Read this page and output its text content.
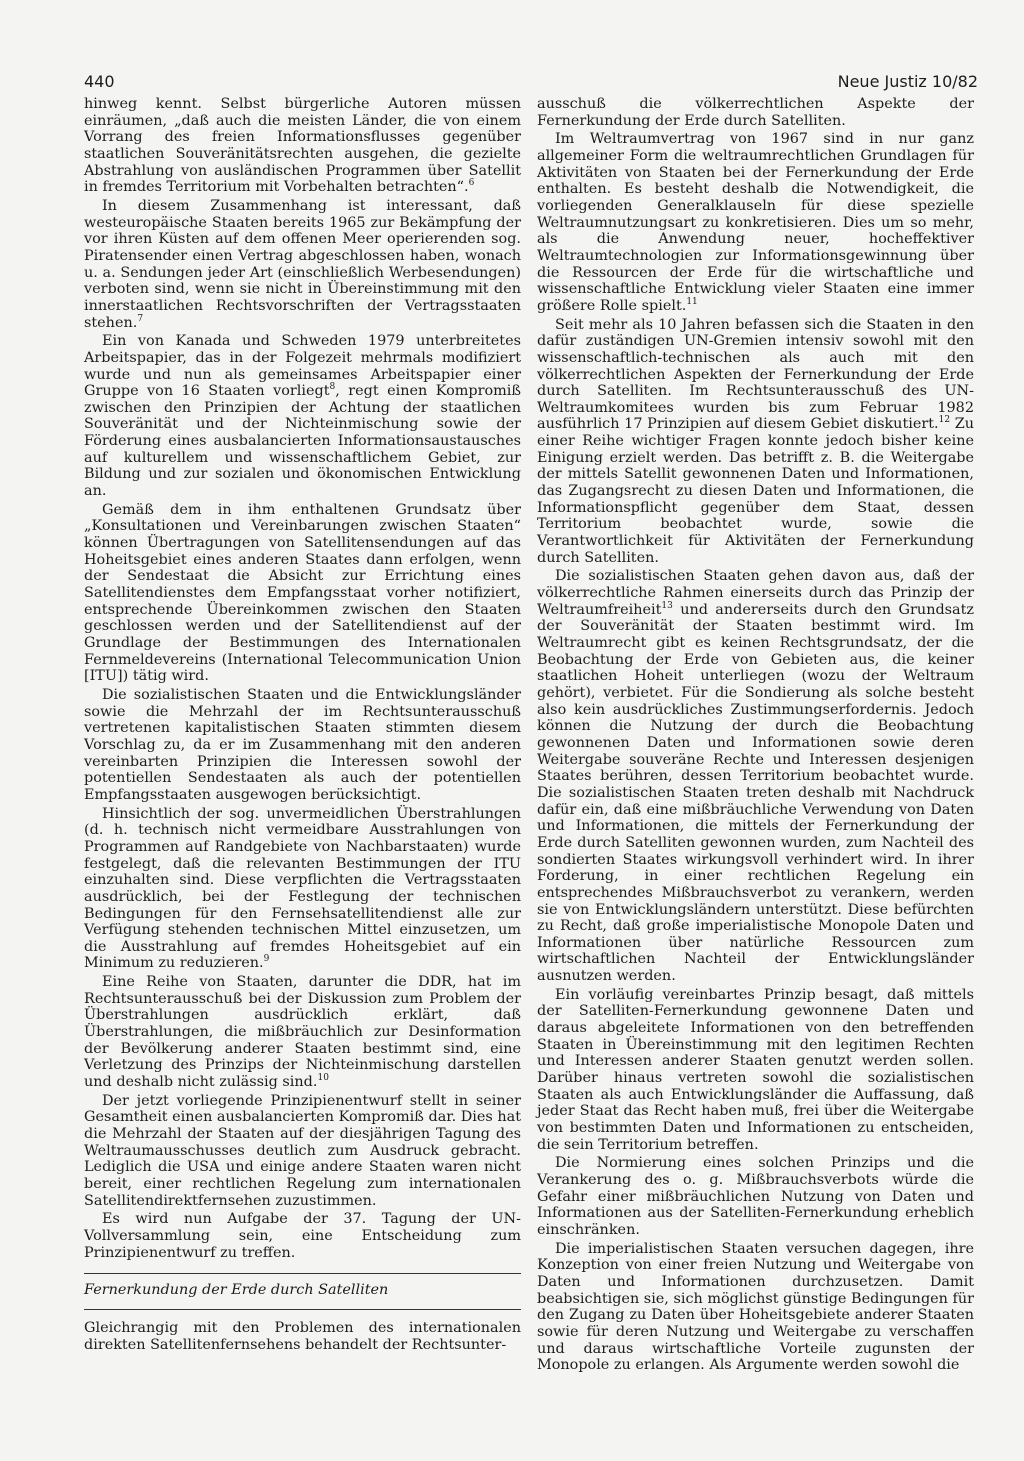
440	Neue Justiz 10/82

hinweg kennt. Selbst bürgerliche Autoren müssen einräumen, „daß auch die meisten Länder, die von einem Vorrang des freien Informationsflusses gegenüber staatlichen Souveränitätsrechten ausgehen, die gezielte Abstrahlung von ausländischen Programmen über Satellit in fremdes Territorium mit Vorbehalten betrachten“.$^6$

In diesem Zusammenhang ist interessant, daß westeuropäische Staaten bereits 1965 zur Bekämpfung der vor ihren Küsten auf dem offenen Meer operierenden sog. Piratensender einen Vertrag abgeschlossen haben, wonach u. a. Sendungen jeder Art (einschließlich Werbesendungen) verboten sind, wenn sie nicht in Übereinstimmung mit den innerstaatlichen Rechtsvorschriften der Vertragsstaaten stehen.$^7$

Ein von Kanada und Schweden 1979 unterbreitetes Arbeitspapier, das in der Folgezeit mehrmals modifiziert wurde und nun als gemeinsames Arbeitspapier einer Gruppe von 16 Staaten vorliegt$^8$, regt einen Kompromiß zwischen den Prinzipien der Achtung der staatlichen Souveränität und der Nichteinmischung sowie der Förderung eines ausbalancierten Informationsaustausches auf kulturellem und wissenschaftlichem Gebiet, zur Bildung und zur sozialen und ökonomischen Entwicklung an.

Gemäß dem in ihm enthaltenen Grundsatz über „Konsultationen und Vereinbarungen zwischen Staaten“ können Übertragungen von Satellitensendungen auf das Hoheitsgebiet eines anderen Staates dann erfolgen, wenn der Sendestaat die Absicht zur Errichtung eines Satellitendienstes dem Empfangsstaat vorher notifiziert, entsprechende Übereinkommen zwischen den Staaten geschlossen werden und der Satellitendienst auf der Grundlage der Bestimmungen des Internationalen Fernmeldevereins (International Telecommunication Union [ITU]) tätig wird.

Die sozialistischen Staaten und die Entwicklungsländer sowie die Mehrzahl der im Rechtsunterausschuß vertretenen kapitalistischen Staaten stimmten diesem Vorschlag zu, da er im Zusammenhang mit den anderen vereinbarten Prinzipien die Interessen sowohl der potentiellen Sendestaaten als auch der potentiellen Empfangsstaaten ausgewogen berücksichtigt.

Hinsichtlich der sog. unvermeidlichen Überstrahlungen (d. h. technisch nicht vermeidbare Ausstrahlungen von Programmen auf Randgebiete von Nachbarstaaten) wurde festgelegt, daß die relevanten Bestimmungen der ITU einzuhalten sind. Diese verpflichten die Vertragsstaaten ausdrücklich, bei der Festlegung der technischen Bedingungen für den Fernsehsatellitendienst alle zur Verfügung stehenden technischen Mittel einzusetzen, um die Ausstrahlung auf fremdes Hoheitsgebiet auf ein Minimum zu reduzieren.$^9$

Eine Reihe von Staaten, darunter die DDR, hat im Rechtsunterausschuß bei der Diskussion zum Problem der Überstrahlungen ausdrücklich erklärt, daß Überstrahlungen, die mißbräuchlich zur Desinformation der Bevölkerung anderer Staaten bestimmt sind, eine Verletzung des Prinzips der Nichteinmischung darstellen und deshalb nicht zulässig sind.$^{10}$

Der jetzt vorliegende Prinzipienentwurf stellt in seiner Gesamtheit einen ausbalancierten Kompromiß dar. Dies hat die Mehrzahl der Staaten auf der diesjährigen Tagung des Weltraumausschusses deutlich zum Ausdruck gebracht. Lediglich die USA und einige andere Staaten waren nicht bereit, einer rechtlichen Regelung zum internationalen Satellitendirektfernsehen zuzustimmen.

Es wird nun Aufgabe der 37. Tagung der UN-Vollversammlung sein, eine Entscheidung zum Prinzipienentwurf zu treffen.

Fernerkundung der Erde durch Satelliten

Gleichrangig mit den Problemen des internationalen direkten Satellitenfernsehens behandelt der Rechtsunter-

ausschuß die völkerrechtlichen Aspekte der Fernerkundung der Erde durch Satelliten.

Im Weltraumvertrag von 1967 sind in nur ganz allgemeiner Form die weltraumrechtlichen Grundlagen für Aktivitäten von Staaten bei der Fernerkundung der Erde enthalten. Es besteht deshalb die Notwendigkeit, die vorliegenden Generalklauseln für diese spezielle Weltraumnutzungsart zu konkretisieren. Dies um so mehr, als die Anwendung neuer, hocheffektiver Weltraumtechnologien zur Informationsgewinnung über die Ressourcen der Erde für die wirtschaftliche und wissenschaftliche Entwicklung vieler Staaten eine immer größere Rolle spielt.$^{11}$

Seit mehr als 10 Jahren befassen sich die Staaten in den dafür zuständigen UN-Gremien intensiv sowohl mit den wissenschaftlich-technischen als auch mit den völkerrechtlichen Aspekten der Fernerkundung der Erde durch Satelliten. Im Rechtsunterausschuß des UN-Weltraumkomitees wurden bis zum Februar 1982 ausführlich 17 Prinzipien auf diesem Gebiet diskutiert.$^{12}$ Zu einer Reihe wichtiger Fragen konnte jedoch bisher keine Einigung erzielt werden. Das betrifft z. B. die Weitergabe der mittels Satellit gewonnenen Daten und Informationen, das Zugangsrecht zu diesen Daten und Informationen, die Informationspflicht gegenüber dem Staat, dessen Territorium beobachtet wurde, sowie die Verantwortlichkeit für Aktivitäten der Fernerkundung durch Satelliten.

Die sozialistischen Staaten gehen davon aus, daß der völkerrechtliche Rahmen einerseits durch das Prinzip der Weltraumfreiheit$^{13}$ und andererseits durch den Grundsatz der Souveränität der Staaten bestimmt wird. Im Weltraumrecht gibt es keinen Rechtsgrundsatz, der die Beobachtung der Erde von Gebieten aus, die keiner staatlichen Hoheit unterliegen (wozu der Weltraum gehört), verbietet. Für die Sondierung als solche besteht also kein ausdrückliches Zustimmungserfordernis. Jedoch können die Nutzung der durch die Beobachtung gewonnenen Daten und Informationen sowie deren Weitergabe souveräne Rechte und Interessen desjenigen Staates berühren, dessen Territorium beobachtet wurde. Die sozialistischen Staaten treten deshalb mit Nachdruck dafür ein, daß eine mißbräuchliche Verwendung von Daten und Informationen, die mittels der Fernerkundung der Erde durch Satelliten gewonnen wurden, zum Nachteil des sondierten Staates wirkungsvoll verhindert wird. In ihrer Forderung, in einer rechtlichen Regelung ein entsprechendes Mißbrauchsverbot zu verankern, werden sie von Entwicklungsländern unterstützt. Diese befürchten zu Recht, daß große imperialistische Monopole Daten und Informationen über natürliche Ressourcen zum wirtschaftlichen Nachteil der Entwicklungsländer ausnutzen werden.

Ein vorläufig vereinbartes Prinzip besagt, daß mittels der Satelliten-Fernerkundung gewonnene Daten und daraus abgeleitete Informationen von den betreffenden Staaten in Übereinstimmung mit den legitimen Rechten und Interessen anderer Staaten genutzt werden sollen. Darüber hinaus vertreten sowohl die sozialistischen Staaten als auch Entwicklungsländer die Auffassung, daß jeder Staat das Recht haben muß, frei über die Weitergabe von bestimmten Daten und Informationen zu entscheiden, die sein Territorium betreffen.

Die Normierung eines solchen Prinzips und die Verankerung des o. g. Mißbrauchsverbots würde die Gefahr einer mißbräuchlichen Nutzung von Daten und Informationen aus der Satelliten-Fernerkundung erheblich einschränken.

Die imperialistischen Staaten versuchen dagegen, ihre Konzeption von einer freien Nutzung und Weitergabe von Daten und Informationen durchzusetzen. Damit beabsichtigen sie, sich möglichst günstige Bedingungen für den Zugang zu Daten über Hoheitsgebiete anderer Staaten sowie für deren Nutzung und Weitergabe zu verschaffen und daraus wirtschaftliche Vorteile zugunsten der Monopole zu erlangen. Als Argumente werden sowohl die
